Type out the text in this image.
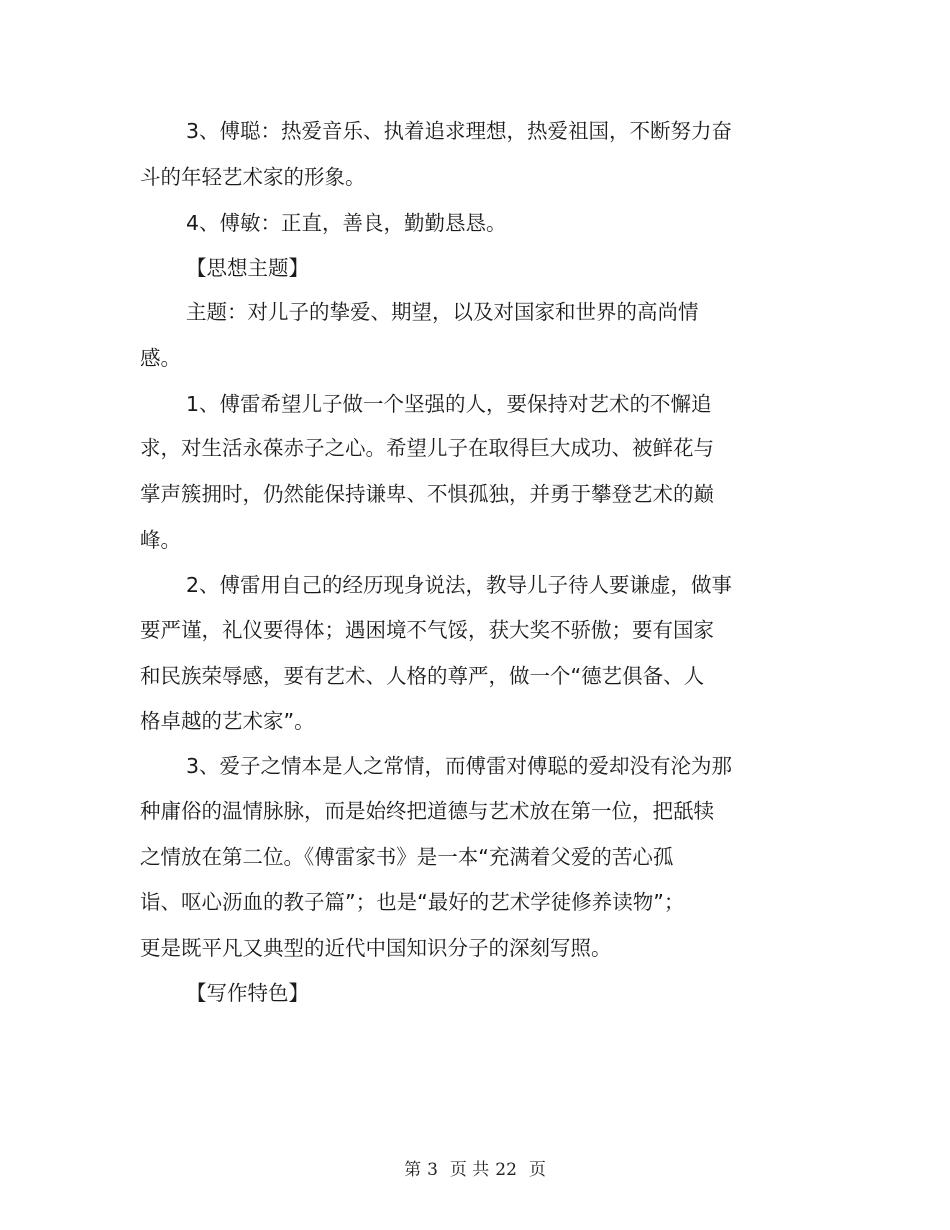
3、傅聪：热爱音乐、执着追求理想，热爱祖国，不断努力奋
斗的年轻艺术家的形象。
4、傅敏：正直，善良，勤勤恳恳。
【思想主题】
主题：对儿子的挚爱、期望，以及对国家和世界的高尚情
感。
1、傅雷希望儿子做一个坚强的人，要保持对艺术的不懈追
求，对生活永葆赤子之心。希望儿子在取得巨大成功、被鲜花与
掌声簇拥时，仍然能保持谦卑、不惧孤独，并勇于攀登艺术的巅
峰。
2、傅雷用自己的经历现身说法，教导儿子待人要谦虚，做事
要严谨，礼仪要得体；遇困境不气馁，获大奖不骄傲；要有国家
和民族荣辱感，要有艺术、人格的尊严，做一个“德艺俱备、人
格卓越的艺术家”。
3、爱子之情本是人之常情，而傅雷对傅聪的爱却没有沦为那
种庸俗的温情脉脉，而是始终把道德与艺术放在第一位，把舐犊
之情放在第二位。《傅雷家书》是一本“充满着父爱的苦心孤
诣、呕心沥血的教子篇”；也是“最好的艺术学徒修养读物”；
更是既平凡又典型的近代中国知识分子的深刻写照。
【写作特色】
第 3 页 共 22 页
